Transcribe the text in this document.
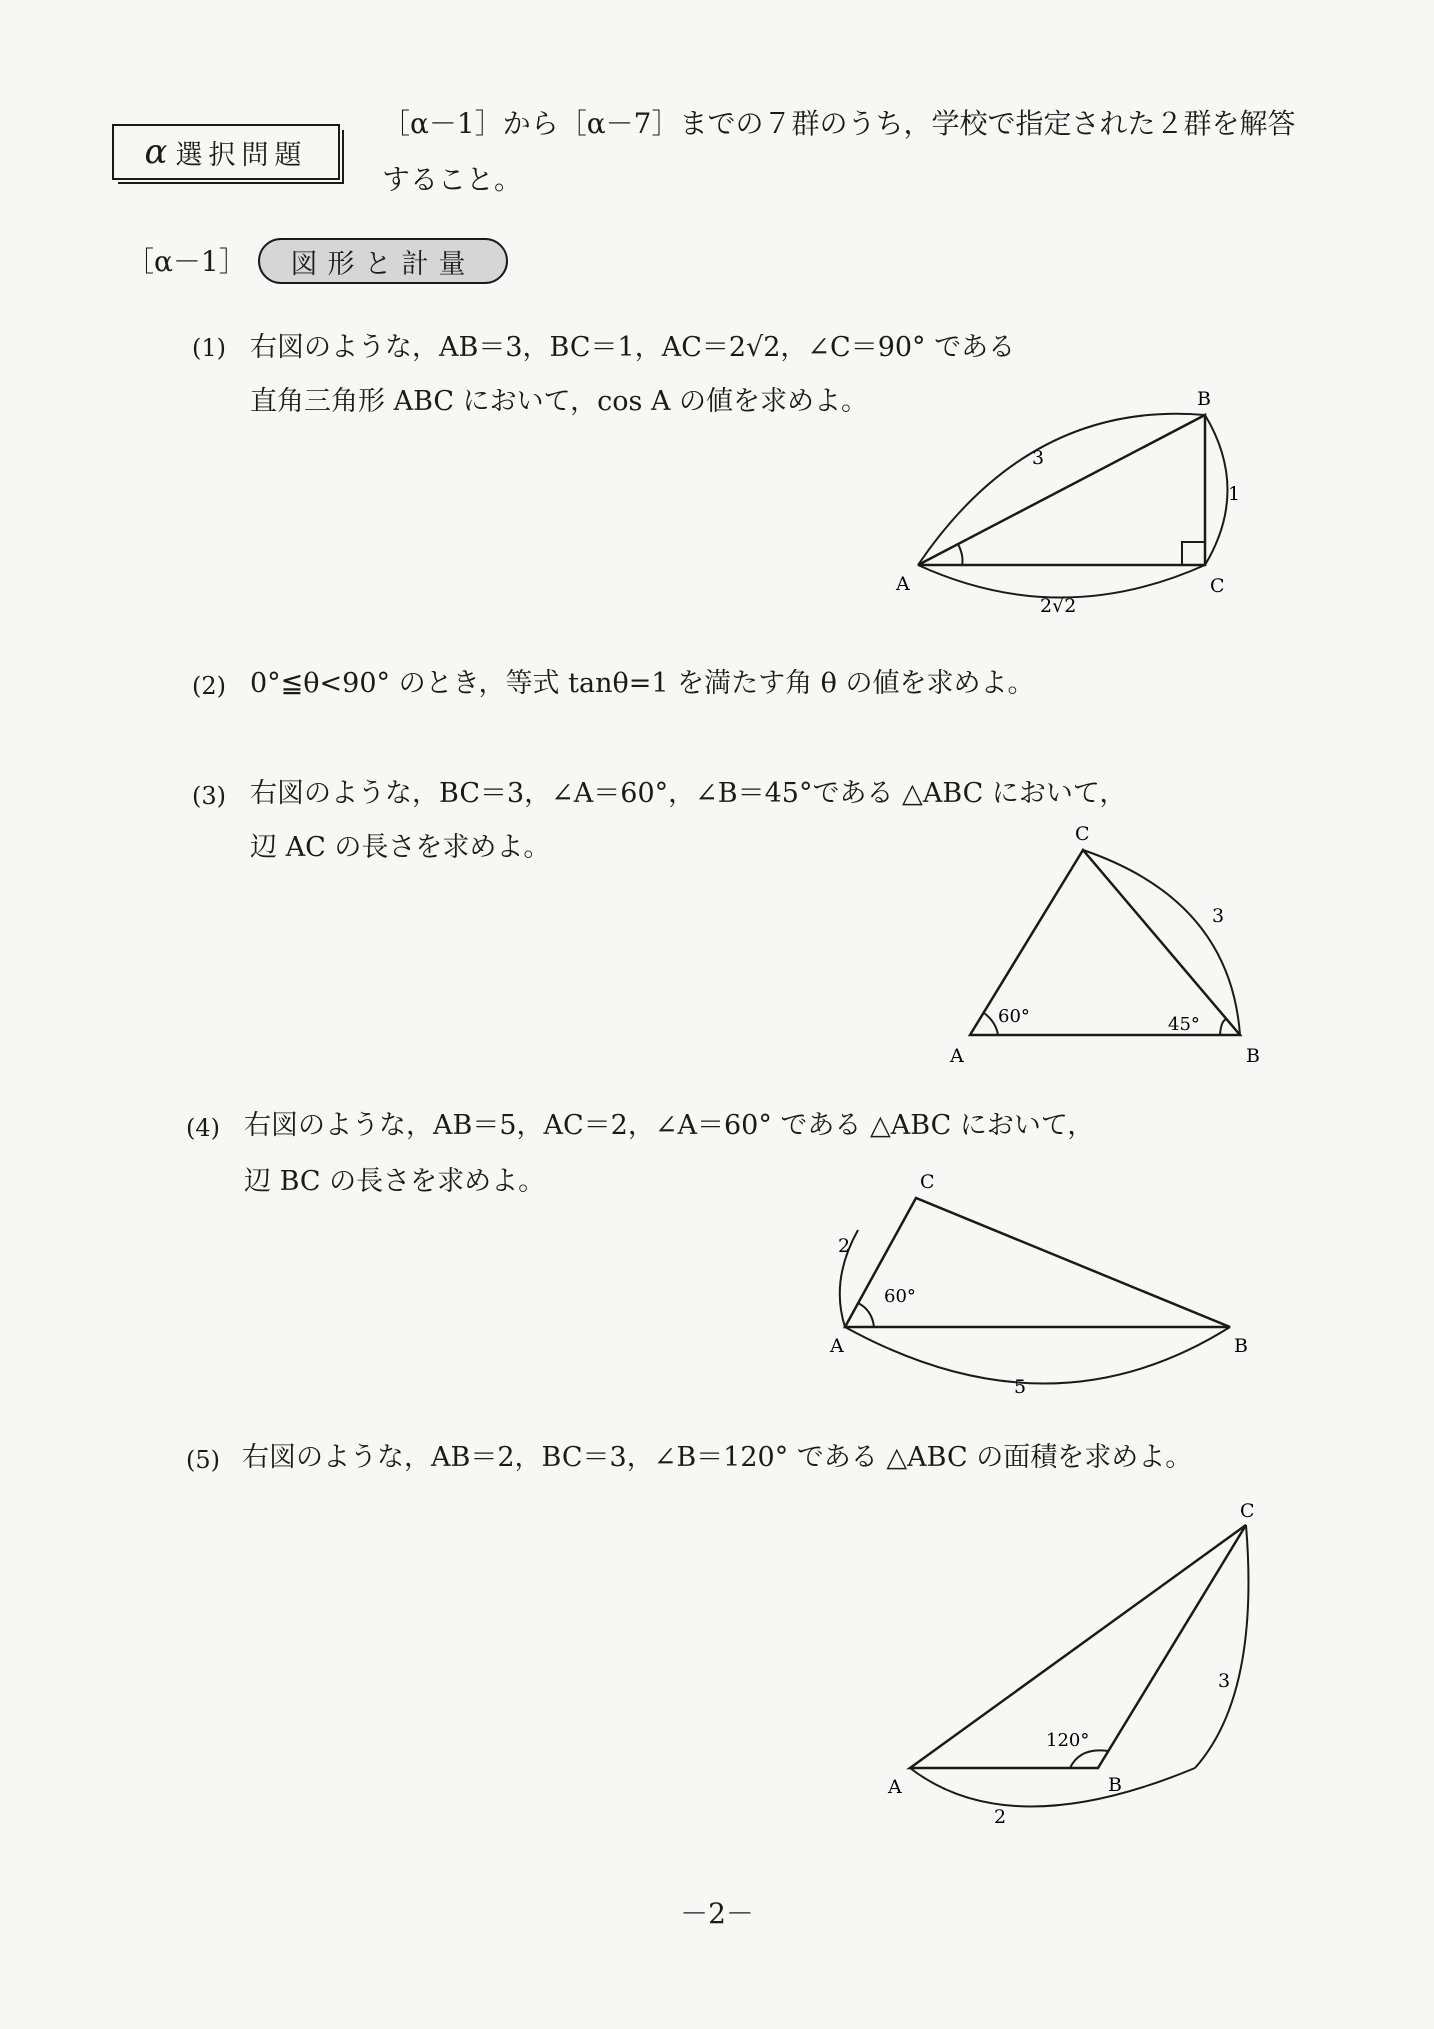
α 選択問題
［α－1］から［α－7］までの７群のうち，学校で指定された２群を解答
すること。
［α－1］	図形と計量
(1) 右図のような，AB＝3，BC＝1，AC＝2√2，∠C＝90° である
直角三角形 ABC において，cos A の値を求めよ。
A
B
C
3
1
2√2
(2) 0°≦θ<90° のとき，等式 tanθ=1 を満たす角 θ の値を求めよ。
(3) 右図のような，BC＝3，∠A＝60°，∠B＝45°である △ABC において，
辺 AC の長さを求めよ。
A	B
C
3
60°	45°
(4) 右図のような，AB＝5，AC＝2，∠A＝60° である △ABC において，
辺 BC の長さを求めよ。
A	B
C
2
5
60°
(5) 右図のような，AB＝2，BC＝3，∠B＝120° である △ABC の面積を求めよ。
A	B
C
3
2
120°
－2－
